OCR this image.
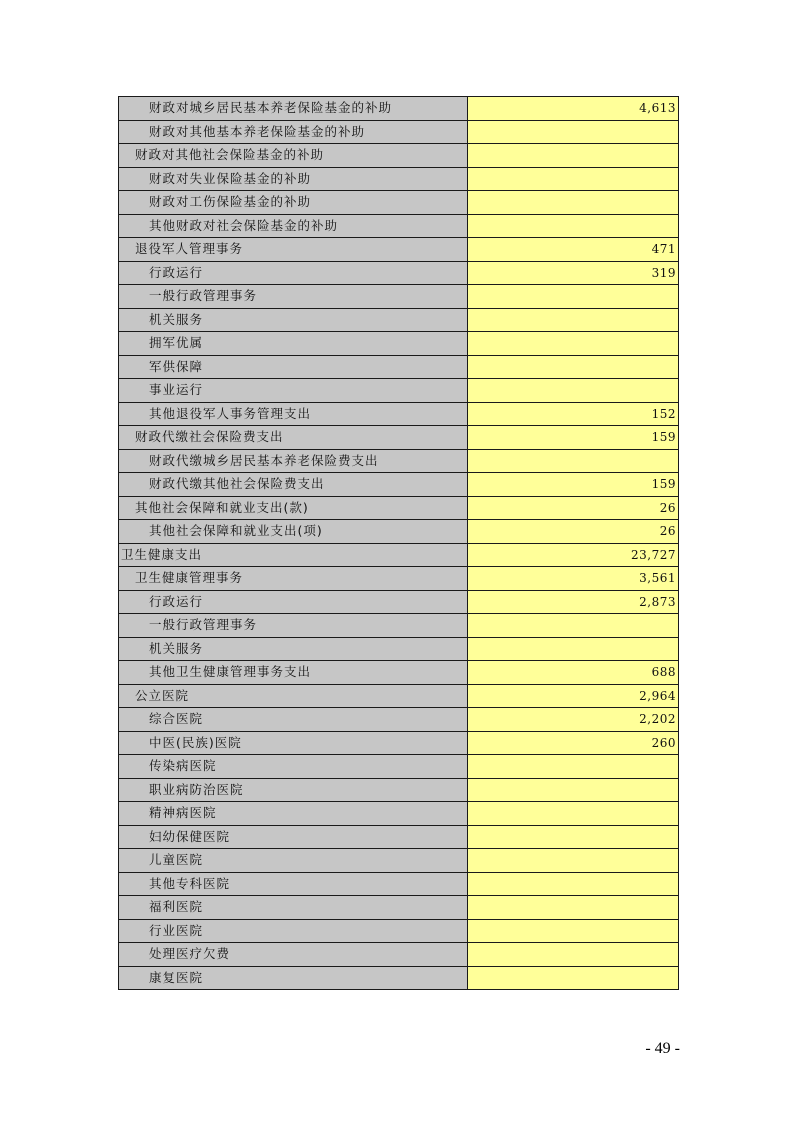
财政对城乡居民基本养老保险基金的补助	4,613
财政对其他基本养老保险基金的补助	
财政对其他社会保险基金的补助	
财政对失业保险基金的补助	
财政对工伤保险基金的补助	
其他财政对社会保险基金的补助	
退役军人管理事务	471
行政运行	319
一般行政管理事务	
机关服务	
拥军优属	
军供保障	
事业运行	
其他退役军人事务管理支出	152
财政代缴社会保险费支出	159
财政代缴城乡居民基本养老保险费支出	
财政代缴其他社会保险费支出	159
其他社会保障和就业支出(款)	26
其他社会保障和就业支出(项)	26
卫生健康支出	23,727
卫生健康管理事务	3,561
行政运行	2,873
一般行政管理事务	
机关服务	
其他卫生健康管理事务支出	688
公立医院	2,964
综合医院	2,202
中医(民族)医院	260
传染病医院	
职业病防治医院	
精神病医院	
妇幼保健医院	
儿童医院	
其他专科医院	
福利医院	
行业医院	
处理医疗欠费	
康复医院	
- 49 -
